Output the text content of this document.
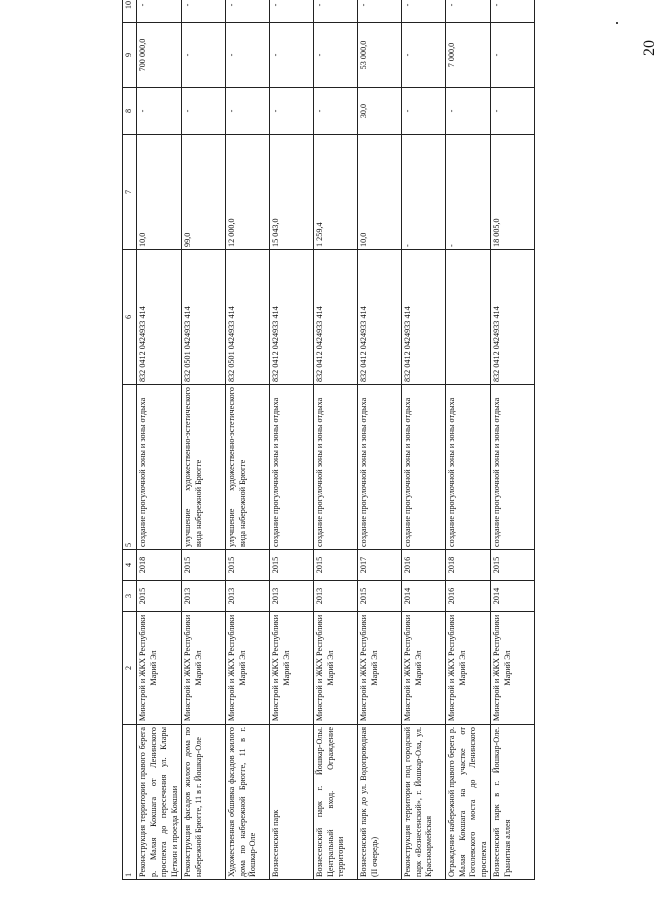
20
1	2	3	4	5	6	7	8	9	10
Реконструкция территории правого берега р. Малая Кокшага от Ленинского проспекта до пересечения ул. Клары Цеткин и проезда Кокшаи	Минстрой и ЖКХ Республики Марий Эл	2015	2018	создание прогулочной зоны и зоны отдыха	832 0412 0424933 414	10,0	-	700 000,0	-
Реконструкция фасадов жилого дома по набережной Брюгге, 11 в г. Йошкар-Оле	Минстрой и ЖКХ Республики Марий Эл	2013	2015	улучшение художественно-эстетического вида набережной Брюгге	832 0501 0424933 414	99,0	-	-	-
Художественная обшивка фасадов жилого дома по набережной Брюгге, 11 в г. Йошкар-Оле	Минстрой и ЖКХ Республики Марий Эл	2013	2015	улучшение художественно-эстетического вида набережной Брюгге	832 0501 0424933 414	12 000,0	-	-	-
Вознесенский парк	Минстрой и ЖКХ Республики Марий Эл	2013	2015	создание прогулочной зоны и зоны отдыха	832 0412 0424933 414	15 043,0	-	-	-
Вознесенский парк г. Йошкар-Олы. Центральный вход. Ограждение территории	Минстрой и ЖКХ Республики Марий Эл	2013	2015	создание прогулочной зоны и зоны отдыха	832 0412 0424933 414	1 259,4	-	-	-
Вознесенский парк до ул. Водопроводная (II очередь)	Минстрой и ЖКХ Республики Марий Эл	2015	2017	создание прогулочной зоны и зоны отдыха	832 0412 0424933 414	10,0	30,0	53 000,0	-
Реконструкция территории под городской парк «Вознесенский», г. Йошкар-Ола, ул. Красноармейская	Минстрой и ЖКХ Республики Марий Эл	2014	2016	создание прогулочной зоны и зоны отдыха	832 0412 0424933 414	-	-	-	-
Ограждение набережной правого берега р. Малая Кокшага на участке от Гоголевского моста до Ленинского проспекта	Минстрой и ЖКХ Республики Марий Эл	2016	2018	создание прогулочной зоны и зоны отдыха		-	-	7 000,0	-
Вознесенский парк в г. Йошкар-Оле. Гранитная аллея	Минстрой и ЖКХ Республики Марий Эл	2014	2015	создание прогулочной зоны и зоны отдыха	832 0412 0424933 414	18 005,0	-	-	-
